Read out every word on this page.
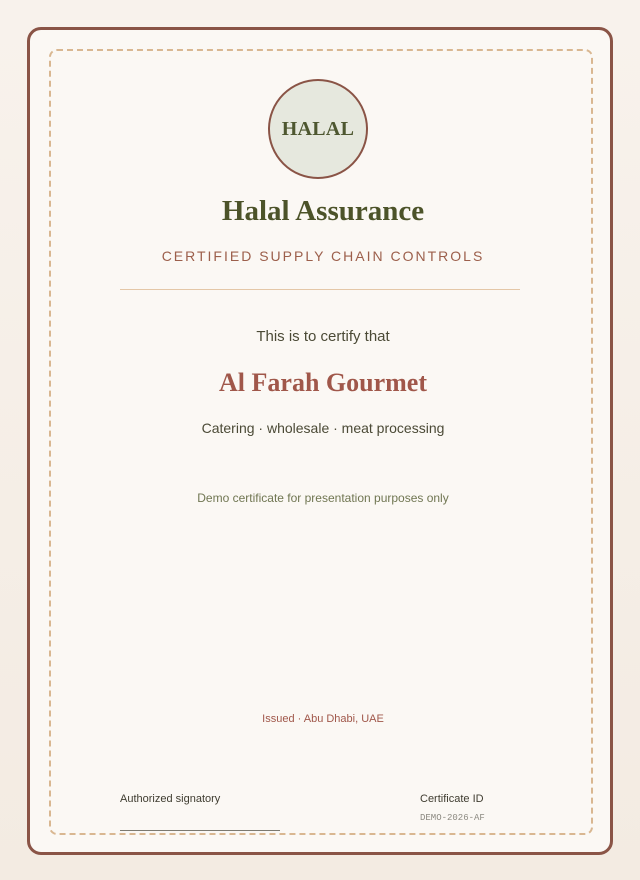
HALAL
Halal Assurance
CERTIFIED SUPPLY CHAIN CONTROLS
This is to certify that
Al Farah Gourmet
Catering · wholesale · meat processing
Demo certificate for presentation purposes only
Issued · Abu Dhabi, UAE
Authorized signatory	Certificate ID
DEMO-2026-AF
